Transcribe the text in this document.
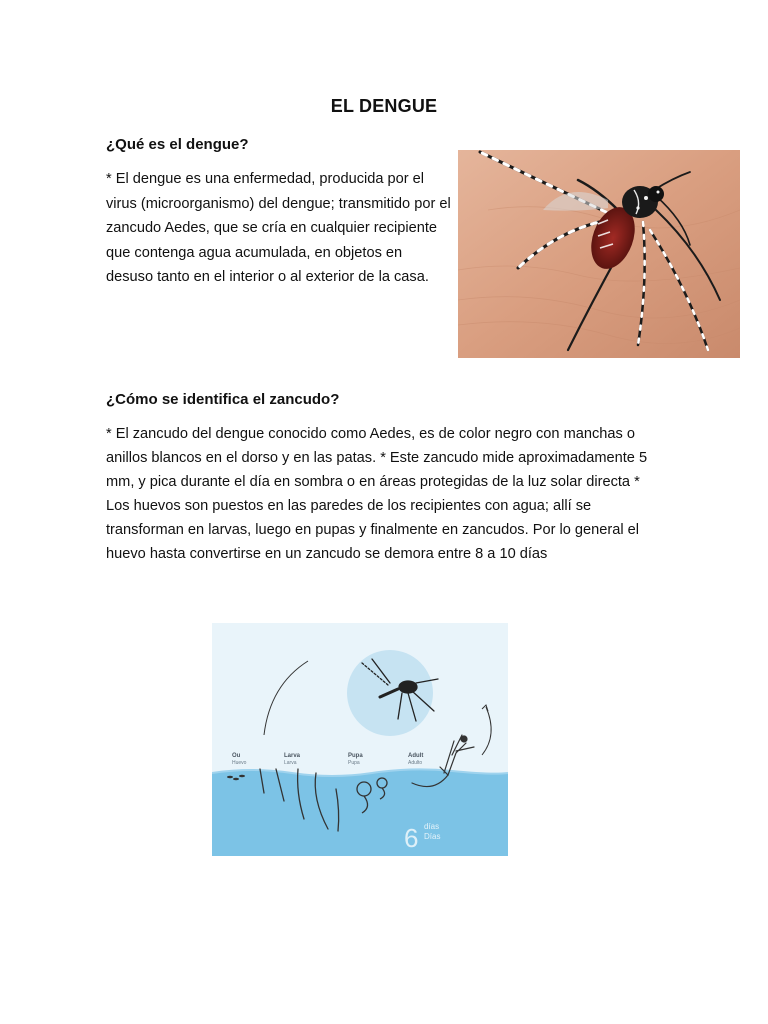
EL DENGUE
¿Qué es el dengue?

* El dengue es una enfermedad, producida por el virus (microorganismo) del dengue; transmitido por el zancudo Aedes, que se cría en cualquier recipiente que contenga agua acumulada, en objetos en desuso tanto en el interior o al exterior de la casa.

¿Cómo se identifica el zancudo?

* El zancudo del dengue conocido como Aedes, es de color negro con manchas o anillos blancos en el dorso y en las patas. * Este zancudo mide aproximadamente 5 mm, y pica durante el día en sombra o en áreas protegidas de la luz solar directa * Los huevos son puestos en las paredes de los recipientes con agua; allí se transforman en larvas, luego en pupas y finalmente en zancudos. Por lo general el huevo hasta convertirse en un zancudo se demora entre 8 a 10 días

Ou
Huevo
Larva
Larva
Pupa
Pupa
Adult
Adulto
6 días
Días
